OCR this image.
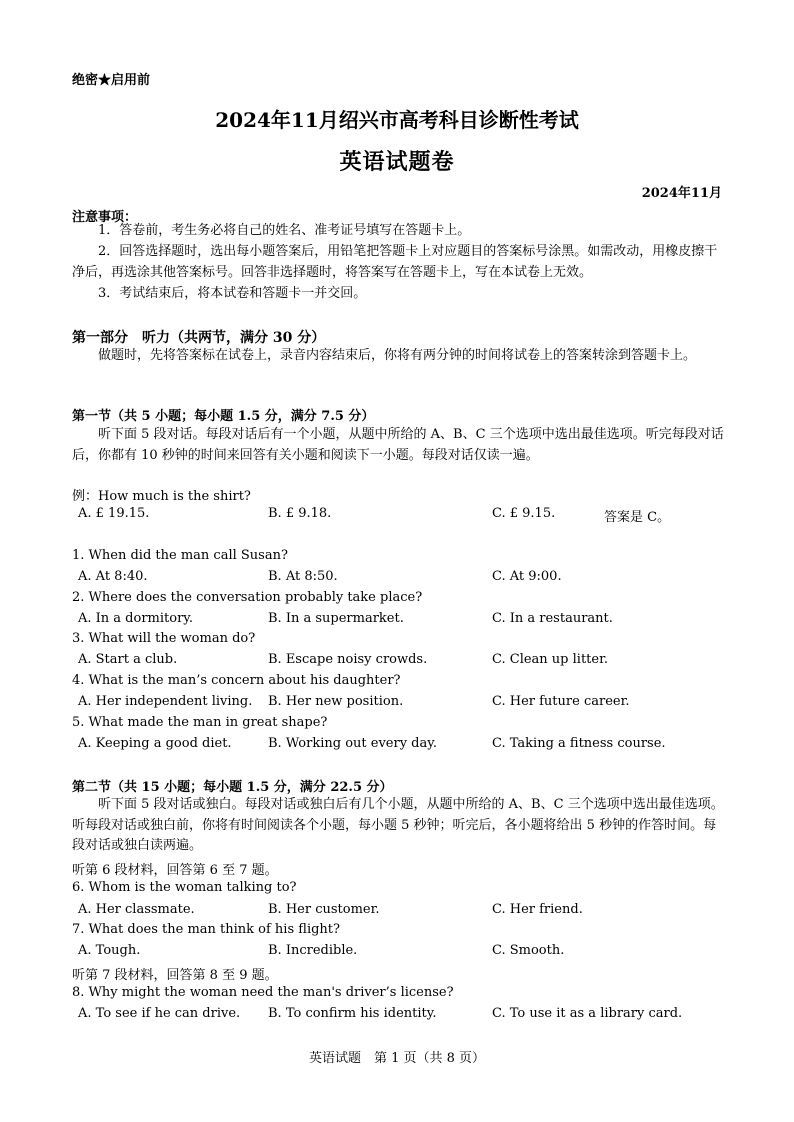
绝密★启用前
2024年11月绍兴市高考科目诊断性考试
英语试题卷
2024年11月
注意事项：
1．答卷前，考生务必将自己的姓名、准考证号填写在答题卡上。
2．回答选择题时，选出每小题答案后，用铅笔把答题卡上对应题目的答案标号涂黑。如需改动，用橡皮擦干净后，再选涂其他答案标号。回答非选择题时，将答案写在答题卡上，写在本试卷上无效。
3．考试结束后，将本试卷和答题卡一并交回。
第一部分　听力（共两节，满分 30 分）
做题时，先将答案标在试卷上，录音内容结束后，你将有两分钟的时间将试卷上的答案转涂到答题卡上。
第一节（共 5 小题；每小题 1.5 分，满分 7.5 分）
听下面 5 段对话。每段对话后有一个小题，从题中所给的 A、B、C 三个选项中选出最佳选项。听完每段对话后，你都有 10 秒钟的时间来回答有关小题和阅读下一小题。每段对话仅读一遍。
例：How much is the shirt?
A. £ 19.15.	B. £ 9.18.	C. £ 9.15.	答案是 C。
1. When did the man call Susan?
A. At 8:40.	B. At 8:50.	C. At 9:00.
2. Where does the conversation probably take place?
A. In a dormitory.	B. In a supermarket.	C. In a restaurant.
3. What will the woman do?
A. Start a club.	B. Escape noisy crowds.	C. Clean up litter.
4. What is the man’s concern about his daughter?
A. Her independent living. B. Her new position.	C. Her future career.
5. What made the man in great shape?
A. Keeping a good diet.	B. Working out every day.	C. Taking a fitness course.
第二节（共 15 小题；每小题 1.5 分，满分 22.5 分）
听下面 5 段对话或独白。每段对话或独白后有几个小题，从题中所给的 A、B、C 三个选项中选出最佳选项。听每段对话或独白前，你将有时间阅读各个小题，每小题 5 秒钟；听完后，各小题将给出 5 秒钟的作答时间。每段对话或独白读两遍。
听第 6 段材料，回答第 6 至 7 题。
6. Whom is the woman talking to?
A. Her classmate.	B. Her customer.	C. Her friend.
7. What does the man think of his flight?
A. Tough.	B. Incredible.	C. Smooth.
听第 7 段材料，回答第 8 至 9 题。
8. Why might the woman need the man's driver’s license?
A. To see if he can drive. B. To confirm his identity.	C. To use it as a library card.
英语试题　第 1 页（共 8 页）
